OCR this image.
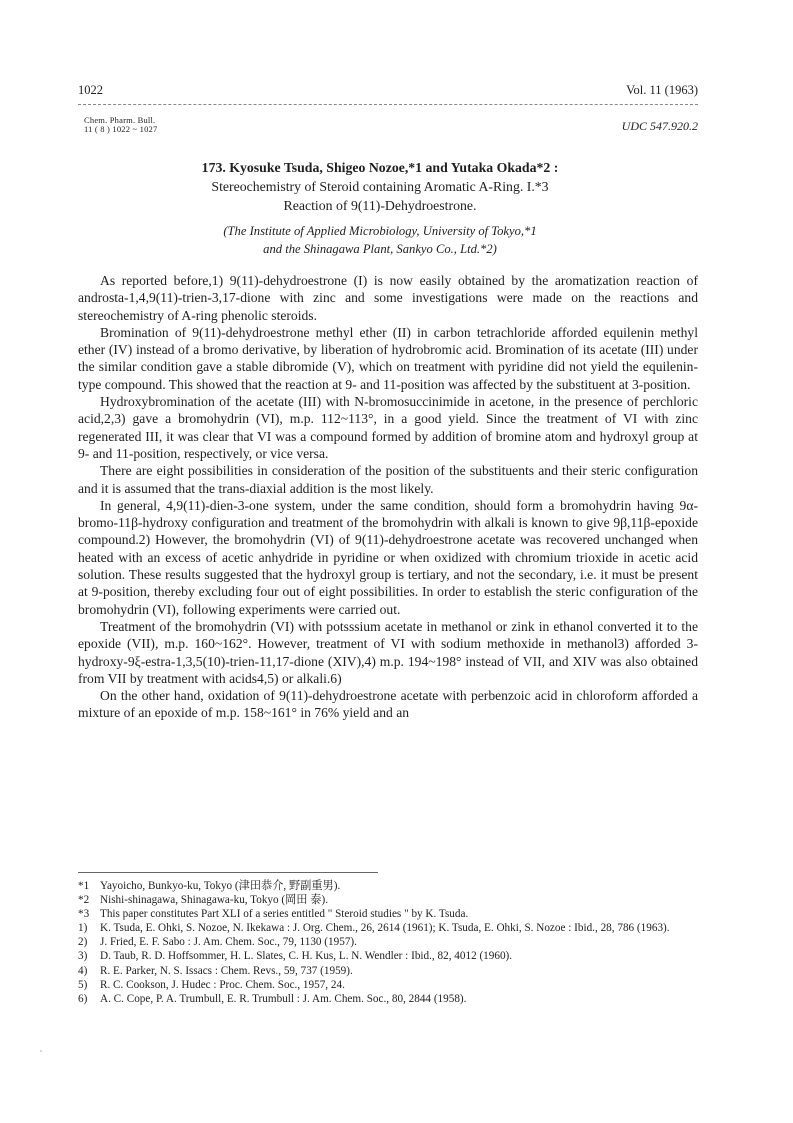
1022	Vol. 11 (1963)
Chem. Pharm. Bull.
11 ( 8 ) 1022 ~ 1027	UDC 547.920.2
173. Kyosuke Tsuda, Shigeo Nozoe,*1 and Yutaka Okada*2 :
Stereochemistry of Steroid containing Aromatic A-Ring. I.*3
Reaction of 9(11)-Dehydroestrone.
(The Institute of Applied Microbiology, University of Tokyo,*1
and the Shinagawa Plant, Sankyo Co., Ltd.*2)

As reported before,1) 9(11)-dehydroestrone (I) is now easily obtained by the aromatization reaction of androsta-1,4,9(11)-trien-3,17-dione with zinc and some investigations were made on the reactions and stereochemistry of A-ring phenolic steroids.

Bromination of 9(11)-dehydroestrone methyl ether (II) in carbon tetrachloride afforded equilenin methyl ether (IV) instead of a bromo derivative, by liberation of hydrobromic acid. Bromination of its acetate (III) under the similar condition gave a stable dibromide (V), which on treatment with pyridine did not yield the equilenin-type compound. This showed that the reaction at 9- and 11-position was affected by the substituent at 3-position.

Hydroxybromination of the acetate (III) with N-bromosuccinimide in acetone, in the presence of perchloric acid,2,3) gave a bromohydrin (VI), m.p. 112~113°, in a good yield. Since the treatment of VI with zinc regenerated III, it was clear that VI was a compound formed by addition of bromine atom and hydroxyl group at 9- and 11-position, respectively, or vice versa.

There are eight possibilities in consideration of the position of the substituents and their steric configuration and it is assumed that the trans-diaxial addition is the most likely.

In general, 4,9(11)-dien-3-one system, under the same condition, should form a bromohydrin having 9α-bromo-11β-hydroxy configuration and treatment of the bromohydrin with alkali is known to give 9β,11β-epoxide compound.2) However, the bromohydrin (VI) of 9(11)-dehydroestrone acetate was recovered unchanged when heated with an excess of acetic anhydride in pyridine or when oxidized with chromium trioxide in acetic acid solution. These results suggested that the hydroxyl group is tertiary, and not the secondary, i.e. it must be present at 9-position, thereby excluding four out of eight possibilities. In order to establish the steric configuration of the bromohydrin (VI), following experiments were carried out.

Treatment of the bromohydrin (VI) with potsssium acetate in methanol or zink in ethanol converted it to the epoxide (VII), m.p. 160~162°. However, treatment of VI with sodium methoxide in methanol3) afforded 3-hydroxy-9ξ-estra-1,3,5(10)-trien-11,17-dione (XIV),4) m.p. 194~198° instead of VII, and XIV was also obtained from VII by treatment with acids4,5) or alkali.6)

On the other hand, oxidation of 9(11)-dehydroestrone acetate with perbenzoic acid in chloroform afforded a mixture of an epoxide of m.p. 158~161° in 76% yield and an

*1 Yayoicho, Bunkyo-ku, Tokyo (津田恭介, 野副重男).
*2 Nishi-shinagawa, Shinagawa-ku, Tokyo (岡田 泰).
*3 This paper constitutes Part XLI of a series entitled " Steroid studies " by K. Tsuda.
1)	K. Tsuda, E. Ohki, S. Nozoe, N. Ikekawa : J. Org. Chem., 26, 2614 (1961); K. Tsuda, E. Ohki, S. Nozoe : Ibid., 28, 786 (1963).
2)	J. Fried, E. F. Sabo : J. Am. Chem. Soc., 79, 1130 (1957).
3)	D. Taub, R. D. Hoffsommer, H. L. Slates, C. H. Kus, L. N. Wendler : Ibid., 82, 4012 (1960).
4)	R. E. Parker, N. S. Issacs : Chem. Revs., 59, 737 (1959).
5)	R. C. Cookson, J. Hudec : Proc. Chem. Soc., 1957, 24.
6)	A. C. Cope, P. A. Trumbull, E. R. Trumbull : J. Am. Chem. Soc., 80, 2844 (1958).
